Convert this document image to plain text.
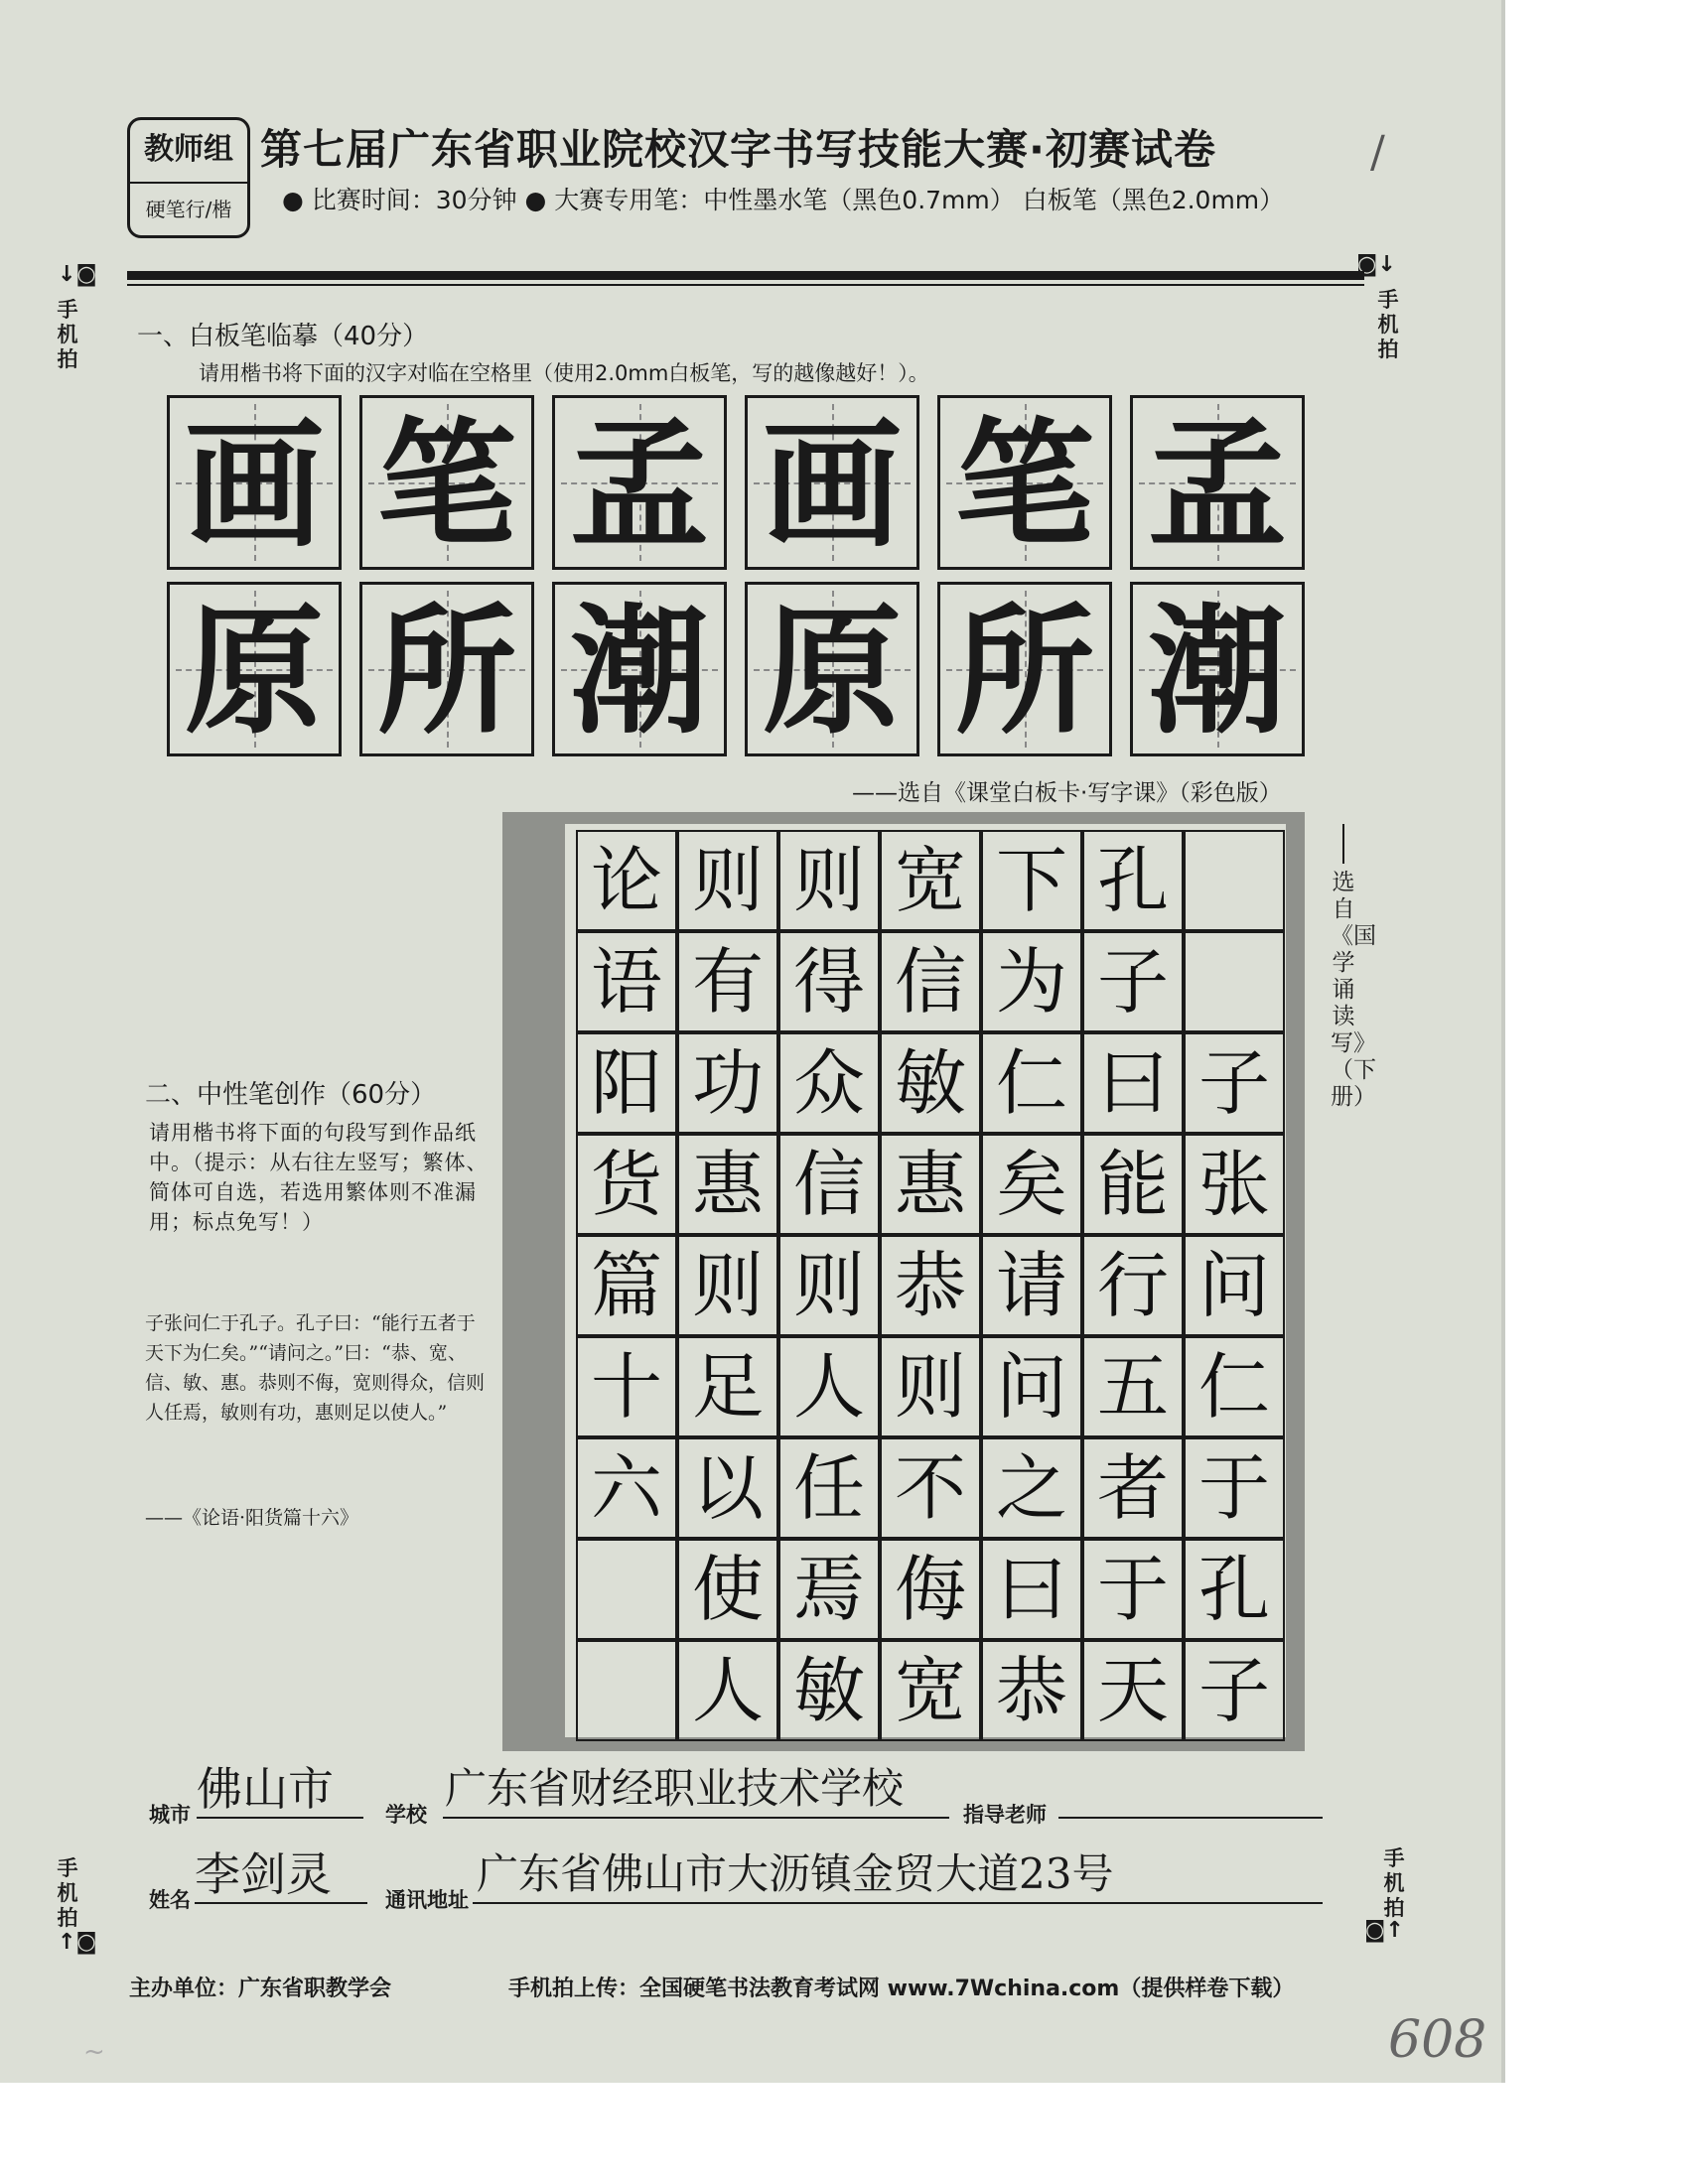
教师组
硬笔行/楷
第七届广东省职业院校汉字书写技能大赛·初赛试卷
● 比赛时间：30分钟 ● 大赛专用笔：中性墨水笔（黑色0.7mm） 白板笔（黑色2.0mm）
/
↓◙
手机拍
◙↓
手机拍
手机拍
↑◙
手机拍
◙↑
一、白板笔临摹（40分）
请用楷书将下面的汉字对临在空格里（使用2.0mm白板笔，写的越像越好！）。
画 笔 孟 画 笔 孟
原 所 潮 原 所 潮
——选自《课堂白板卡·写字课》（彩色版）
选自《国学诵读写》（下册）
论 则 则 宽 下 孔
语 有 得 信 为 子
阳 功 众 敏 仁 曰 子
货 惠 信 惠 矣 能 张
篇 则 则 恭 请 行 问
十 足 人 则 问 五 仁
六 以 任 不 之 者 于
使 焉 侮 曰 于 孔
人 敏 宽 恭 天 子
二、中性笔创作（60分）
请用楷书将下面的句段写到作品纸中。（提示：从右往左竖写；繁体、简体可自选，若选用繁体则不准漏用；标点免写！）
子张问仁于孔子。孔子曰：“能行五者于天下为仁矣。”“请问之。”曰：“恭、宽、信、敏、惠。恭则不侮，宽则得众，信则人任焉，敏则有功，惠则足以使人。”
——《论语·阳货篇十六》
城市 佛山市 学校
广东省财经职业技术学校
指导老师
姓名 李剑灵	通讯地址
广东省佛山市大沥镇金贸大道23号
主办单位：广东省职教学会	手机拍上传：全国硬笔书法教育考试网 www.7Wchina.com（提供样卷下载）
608
~
